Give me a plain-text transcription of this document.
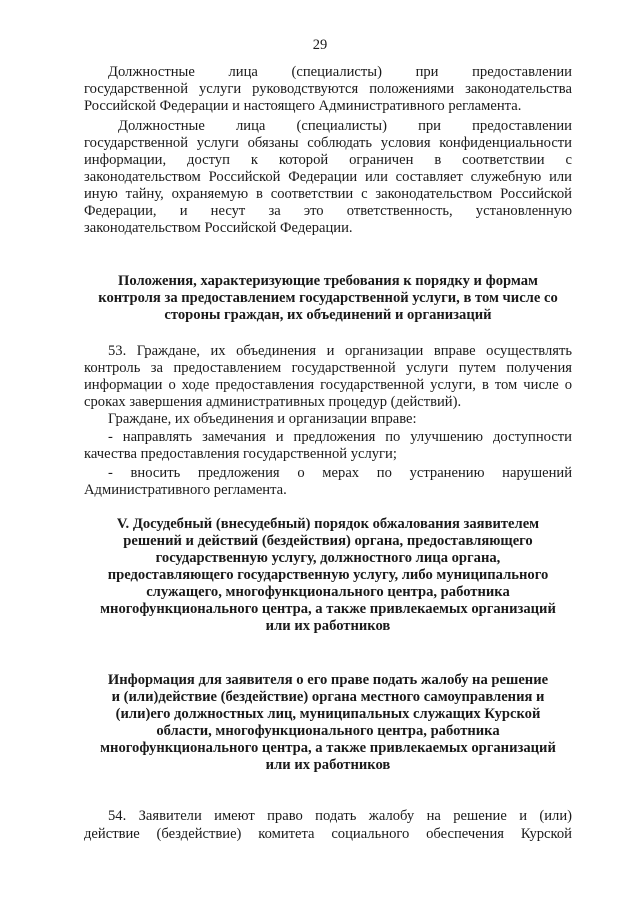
29
Должностные лица (специалисты) при предоставлении
государственной услуги руководствуются положениями законодательства
Российской Федерации и настоящего Административного регламента.
Должностные лица (специалисты) при предоставлении
государственной услуги обязаны соблюдать условия конфиденциальности
информации, доступ к которой ограничен в соответствии с
законодательством Российской Федерации или составляет служебную или
иную тайну, охраняемую в соответствии с законодательством Российской
Федерации, и несут за это ответственность, установленную
законодательством Российской Федерации.
Положения, характеризующие требования к порядку и формам
контроля за предоставлением государственной услуги, в том числе со
стороны граждан, их объединений и организаций
53. Граждане, их объединения и организации вправе осуществлять
контроль за предоставлением государственной услуги путем получения
информации о ходе предоставления государственной услуги, в том числе о
сроках завершения административных процедур (действий).
Граждане, их объединения и организации вправе:
- направлять замечания и предложения по улучшению доступности
качества предоставления государственной услуги;
- вносить предложения о мерах по устранению нарушений
Административного регламента.
V. Досудебный (внесудебный) порядок обжалования заявителем
решений и действий (бездействия) органа, предоставляющего
государственную услугу, должностного лица органа,
предоставляющего государственную услугу, либо муниципального
служащего, многофункционального центра, работника
многофункционального центра, а также привлекаемых организаций
или их работников
Информация для заявителя о его праве подать жалобу на решение
и (или)действие (бездействие) органа местного самоуправления и
(или)его должностных лиц, муниципальных служащих Курской
области, многофункционального центра, работника
многофункционального центра, а также привлекаемых организаций
или их работников
54. Заявители имеют право подать жалобу на решение и (или)
действие (бездействие) комитета социального обеспечения Курской
